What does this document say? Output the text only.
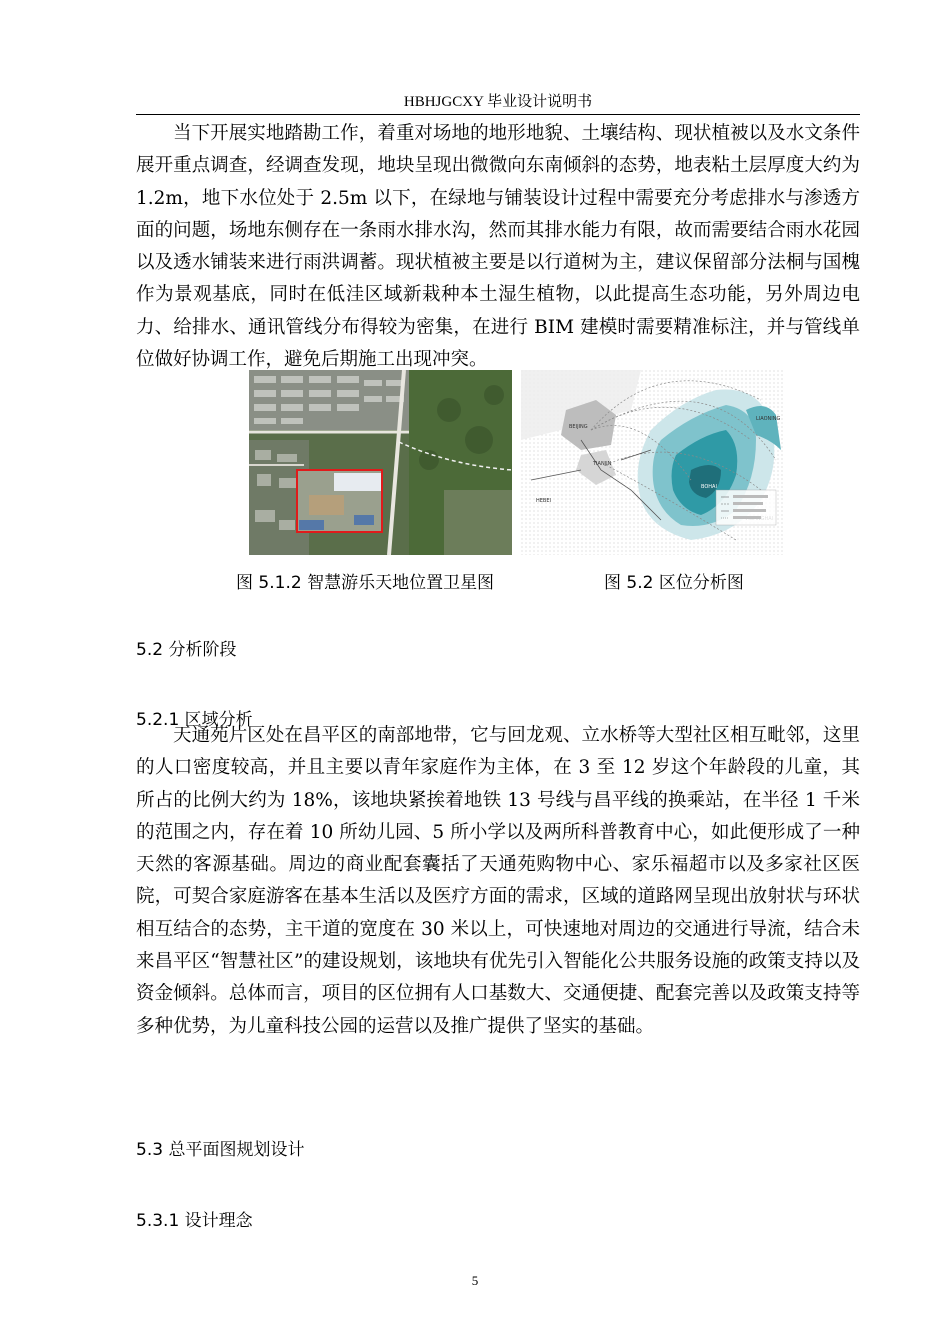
HBHJGCXY 毕业设计说明书

当下开展实地踏勘工作，着重对场地的地形地貌、土壤结构、现状植被以及水文条件展开重点调查，经调查发现，地块呈现出微微向东南倾斜的态势，地表粘土层厚度大约为 1.2m，地下水位处于 2.5m 以下，在绿地与铺装设计过程中需要充分考虑排水与渗透方面的问题，场地东侧存在一条雨水排水沟，然而其排水能力有限，故而需要结合雨水花园以及透水铺装来进行雨洪调蓄。现状植被主要是以行道树为主，建议保留部分法桐与国槐作为景观基底，同时在低洼区域新栽种本土湿生植物，以此提高生态功能，另外周边电力、给排水、通讯管线分布得较为密集，在进行 BIM 建模时需要精准标注，并与管线单位做好协调工作，避免后期施工出现冲突。

BEIJING
TIANJIN
HEBEI
BOHAI
LIAONING
图 5.1.2 智慧游乐天地位置卫星图	图 5.2 区位分析图
5.2 分析阶段
5.2.1 区域分析

天通苑片区处在昌平区的南部地带，它与回龙观、立水桥等大型社区相互毗邻，这里的人口密度较高，并且主要以青年家庭作为主体，在 3 至 12 岁这个年龄段的儿童，其所占的比例大约为 18%，该地块紧挨着地铁 13 号线与昌平线的换乘站，在半径 1 千米的范围之内，存在着 10 所幼儿园、5 所小学以及两所科普教育中心，如此便形成了一种天然的客源基础。周边的商业配套囊括了天通苑购物中心、家乐福超市以及多家社区医院，可契合家庭游客在基本生活以及医疗方面的需求，区域的道路网呈现出放射状与环状相互结合的态势，主干道的宽度在 30 米以上，可快速地对周边的交通进行导流，结合未来昌平区“智慧社区”的建设规划，该地块有优先引入智能化公共服务设施的政策支持以及资金倾斜。总体而言，项目的区位拥有人口基数大、交通便捷、配套完善以及政策支持等多种优势，为儿童科技公园的运营以及推广提供了坚实的基础。

5.3 总平面图规划设计
5.3.1 设计理念
5
